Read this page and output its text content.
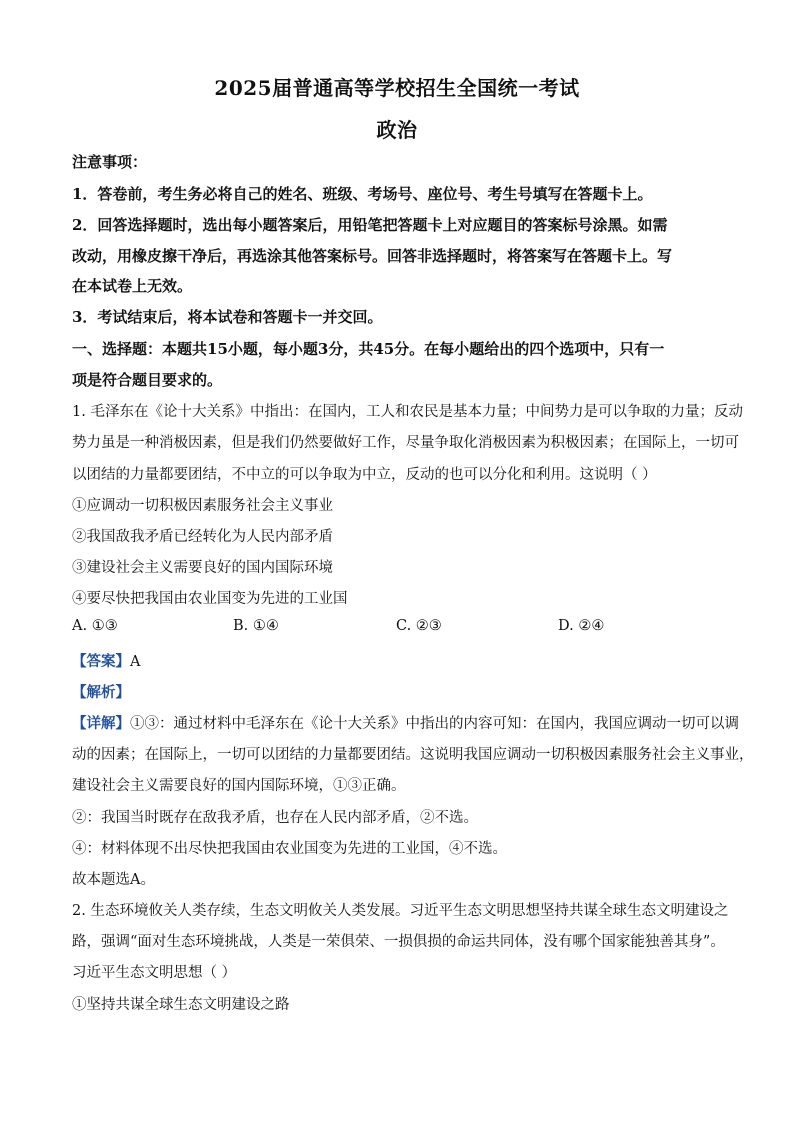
2025届普通高等学校招生全国统一考试
政治
注意事项：
1．答卷前，考生务必将自己的姓名、班级、考场号、座位号、考生号填写在答题卡上。
2．回答选择题时，选出每小题答案后，用铅笔把答题卡上对应题目的答案标号涂黑。如需
改动，用橡皮擦干净后，再选涂其他答案标号。回答非选择题时，将答案写在答题卡上。写
在本试卷上无效。
3．考试结束后，将本试卷和答题卡一并交回。
一、选择题：本题共15小题，每小题3分，共45分。在每小题给出的四个选项中，只有一
项是符合题目要求的。
1. 毛泽东在《论十大关系》中指出：在国内，工人和农民是基本力量；中间势力是可以争取的力量；反动
势力虽是一种消极因素，但是我们仍然要做好工作，尽量争取化消极因素为积极因素；在国际上，一切可
以团结的力量都要团结，不中立的可以争取为中立，反动的也可以分化和利用。这说明（ ）
①应调动一切积极因素服务社会主义事业
②我国敌我矛盾已经转化为人民内部矛盾
③建设社会主义需要良好的国内国际环境
④要尽快把我国由农业国变为先进的工业国
A. ①③	B. ①④	C. ②③	D. ②④
【答案】A
【解析】
【详解】①③：通过材料中毛泽东在《论十大关系》中指出的内容可知：在国内，我国应调动一切可以调
动的因素；在国际上，一切可以团结的力量都要团结。这说明我国应调动一切积极因素服务社会主义事业，
建设社会主义需要良好的国内国际环境，①③正确。
②：我国当时既存在敌我矛盾，也存在人民内部矛盾，②不选。
④：材料体现不出尽快把我国由农业国变为先进的工业国，④不选。
故本题选A。
2. 生态环境攸关人类存续，生态文明攸关人类发展。习近平生态文明思想坚持共谋全球生态文明建设之
路，强调“面对生态环境挑战，人类是一荣俱荣、一损俱损的命运共同体，没有哪个国家能独善其身”。
习近平生态文明思想（ ）
①坚持共谋全球生态文明建设之路
